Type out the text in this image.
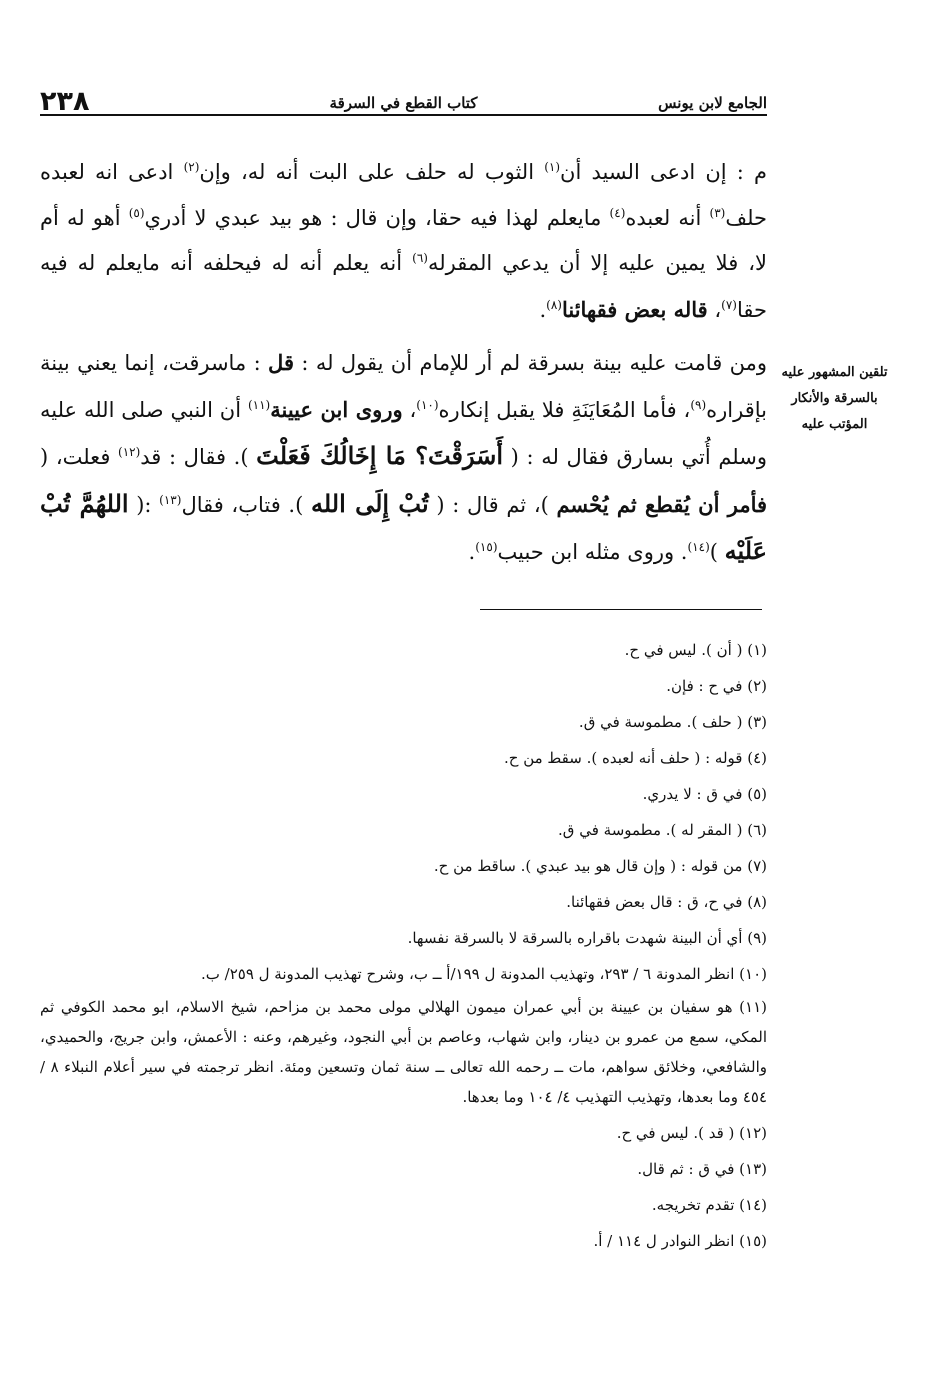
٢٣٨	كتاب القطع في السرقة	الجامع لابن يونس

م : إن ادعى السيد أن$^{(١)}$ الثوب له حلف على البت أنه له، وإن$^{(٢)}$ ادعى انه لعبده حلف$^{(٣)}$ أنه لعبده$^{(٤)}$ مايعلم لهذا فيه حقا، وإن قال : هو بيد عبدي لا أدري$^{(٥)}$ أهو له أم لا، فلا يمين عليه إلا أن يدعي المقرله$^{(٦)}$ أنه يعلم أنه له فيحلفه أنه مايعلم له فيه حقا$^{(٧)}$، قاله بعض فقهائنا$^{(٨)}$.

ومن قامت عليه بينة بسرقة لم أر للإمام أن يقول له : قل : ماسرقت، إنما يعني بينة بإقراره$^{(٩)}$، فأما المُعَايَنَةِ فلا يقبل إنكاره$^{(١٠)}$، وروى ابن عيينة$^{(١١)}$ أن النبي صلى الله عليه وسلم أُتي بسارق فقال له : ( أَسَرَقْتَ؟ مَا إِخَالُكَ فَعَلْتَ ). فقال : قد$^{(١٢)}$ فعلت، ( فأمر أن يُقطع ثم يُحْسم )، ثم قال : ( تُبْ إِلَى الله ). فتاب، فقال$^{(١٣)}$ :( اللهُمَّ تُبْ عَلَيْه )$^{(١٤)}$. وروى مثله ابن حبيب$^{(١٥)}$.

تلقين المشهور عليه
بالسرقة والأنكار
المؤتب عليه
(١) ( أن ). ليس في ح.
(٢) في ح : فإن.
(٣) ( حلف ). مطموسة في ق.
(٤) قوله : ( حلف أنه لعبده ). سقط من ح.
(٥) في ق : لا يدري.
(٦) ( المقر له ). مطموسة في ق.
(٧) من قوله : ( وإن قال هو بيد عبدي ). ساقط من ح.
(٨) في ح، ق : قال بعض فقهائنا.
(٩) أي أن البينة شهدت باقراره بالسرقة لا بالسرقة نفسها.
(١٠) انظر المدونة ٦ / ٢٩٣، وتهذيب المدونة ل ١٩٩/أ ــ ب، وشرح تهذيب المدونة ل ٢٥٩/ ب.
(١١) هو سفيان بن عيينة بن أبي عمران ميمون الهلالي مولى محمد بن مزاحم، شيخ الاسلام، ابو محمد الكوفي ثم المكي، سمع من عمرو بن دينار، وابن شهاب، وعاصم بن أبي النجود، وغيرهم، وعنه : الأعمش، وابن جريج، والحميدي، والشافعي، وخلائق سواهم، مات ــ رحمه الله تعالى ــ سنة ثمان وتسعين ومئة. انظر ترجمته في سير أعلام النبلاء ٨ / ٤٥٤ وما بعدها، وتهذيب التهذيب ٤/ ١٠٤ وما بعدها.
(١٢) ( قد ). ليس في ح.
(١٣) في ق : ثم قال.
(١٤) تقدم تخريجه.
(١٥) انظر النوادر ل ١١٤ / أ.
